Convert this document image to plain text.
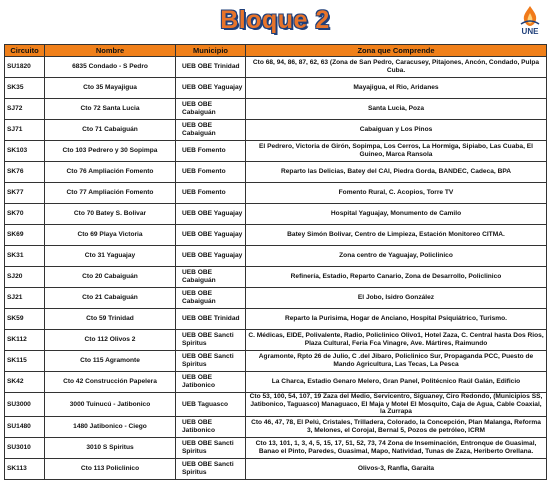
Bloque 2	UNE
Circuito	Nombre	Municipio	Zona que Comprende
SU1820	6835 Condado - S Pedro	UEB OBE Trinidad	Cto 68, 94, 86, 87, 62, 63 (Zona de San Pedro, Caracusey, Pitajones, Ancón, Condado, Pulpa Cuba.
SK35	Cto 35 Mayajigua	UEB OBE Yaguajay	Mayajigua, el Rio, Aridanes
SJ72	Cto 72 Santa Lucia	UEB OBE Cabaiguán	Santa Lucia, Poza
SJ71	Cto 71 Cabaiguán	UEB OBE Cabaiguán	Cabaiguan y Los Pinos
SK103	Cto 103 Pedrero y 30 Sopimpa	UEB Fomento	El Pedrero, Victoria de Girón, Sopimpa, Los Cerros, La Hormiga, Sipiabo, Las Cuaba, El Guineo, Marca Ransola
SK76	Cto 76 Ampliación Fomento	UEB Fomento	Reparto las Delicias, Batey del CAI, Piedra Gorda, BANDEC, Cadeca, BPA
SK77	Cto 77 Ampliación Fomento	UEB Fomento	Fomento Rural, C. Acopios, Torre TV
SK70	Cto 70 Batey S. Bolivar	UEB OBE Yaguajay	Hospital Yaguajay, Monumento de Camilo
SK69	Cto 69 Playa Victoria	UEB OBE Yaguajay	Batey Simón Bolivar, Centro de Limpieza, Estación Monitoreo CITMA.
SK31	Cto 31 Yaguajay	UEB OBE Yaguajay	Zona centro de Yaguajay, Policlinico
SJ20	Cto 20 Cabaiguán	UEB OBE Cabaiguán	Refinería, Estadio, Reparto Canario, Zona de Desarrollo, Policlinico
SJ21	Cto 21 Cabaiguán	UEB OBE Cabaiguán	El Jobo, Isidro González
SK59	Cto 59 Trinidad	UEB OBE Trinidad	Reparto la Purisima, Hogar de Anciano, Hospital Psiquiátrico, Turismo.
SK112	Cto 112 Olivos 2	UEB OBE Sancti Spiritus	C. Médicas, EIDE, Polivalente, Radio, Policlinico Olivo1, Hotel Zaza, C. Central hasta Dos Rios, Plaza Cultural, Feria Fca Vinagre, Ave. Mártires, Raimundo
SK115	Cto 115 Agramonte	UEB OBE Sancti Spiritus	Agramonte, Rpto 26 de Julio, C .del Jibaro, Policlinico Sur, Propaganda PCC, Puesto de Mando Agricultura, Las Tecas, La Pesca
SK42	Cto 42 Construcción Papelera	UEB OBE Jatibonico	La Charca, Estadio Genaro Melero, Gran Panel, Politécnico Raúl Galán, Edificio
SU3000	3000 Tuinucú - Jatibonico	UEB Taguasco	Cto 53, 100, 54, 107, 19 Zaza del Medio, Servicentro, Siguaney, Ciro Redondo, (Municipios SS, Jatibonico, Taguasco) Managuaco, El Maja y Motel El Mosquito, Caja de Agua, Cable Coaxial, la Zurrapa
SU1480	1480 Jatibonico - Ciego	UEB OBE Jatibonico	Cto 46, 47, 78, El Pelú, Cristales, Trilladera, Colorado, la Concepción, Plan Malanga, Reforma 3, Melones, el Corojal, Bernal 5, Pozos de petróleo, ICRM
SU3010	3010 S Spiritus	UEB OBE Sancti Spiritus	Cto 13, 101, 1, 3, 4, 5, 15, 17, 51, 52, 73, 74 Zona de Inseminación, Entronque de Guasimal, Banao el Pinto, Paredes, Guasimal, Mapo, Natividad, Tunas de Zaza, Heriberto Orellana.
SK113	Cto 113 Policlinico	UEB OBE Sancti Spiritus	Olivos-3, Ranfla, Garaita
